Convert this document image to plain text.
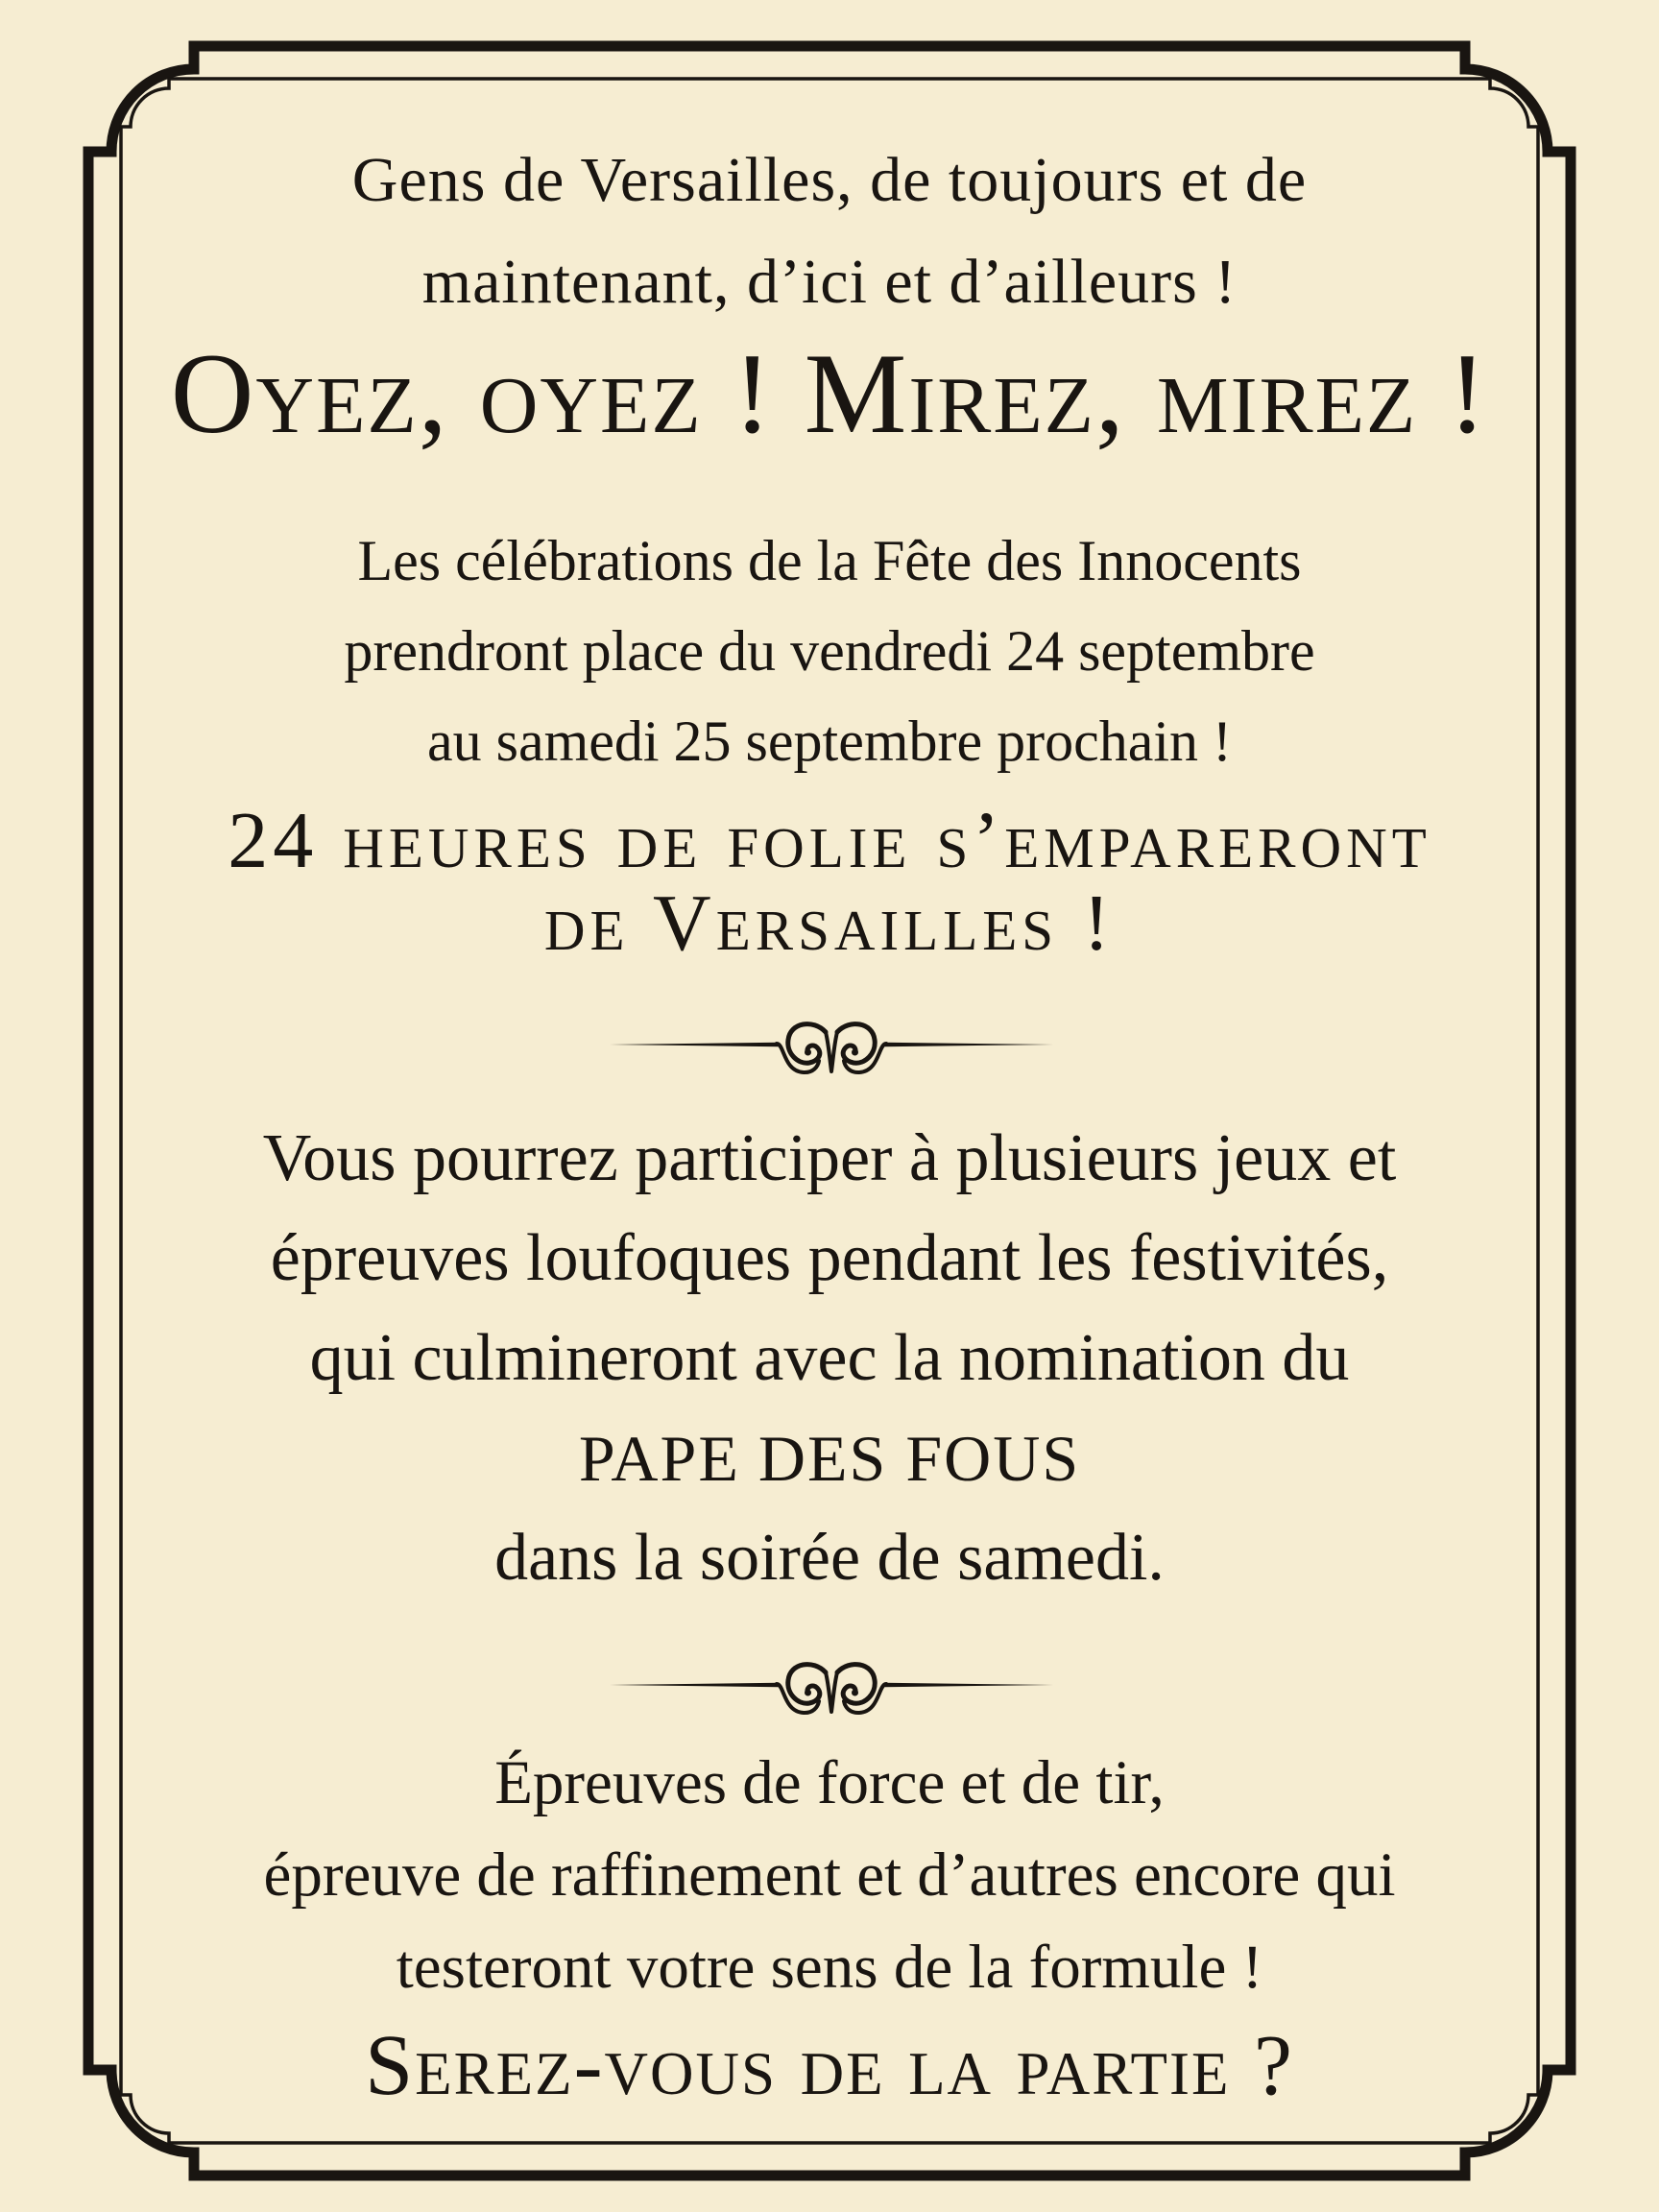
Gens de Versailles, de toujours et de
maintenant, d’ici et d’ailleurs !
Oyez, oyez ! Mirez, mirez !
Les célébrations de la Fête des Innocents
prendront place du vendredi 24 septembre
au samedi 25 septembre prochain !
24 heures de folie s’empareront
de Versailles !
Vous pourrez participer à plusieurs jeux et
épreuves loufoques pendant les festivités,
qui culmineront avec la nomination du
PAPE DES FOUS
dans la soirée de samedi.
Épreuves de force et de tir,
épreuve de raffinement et d’autres encore qui
testeront votre sens de la formule !
Serez-vous de la partie ?
